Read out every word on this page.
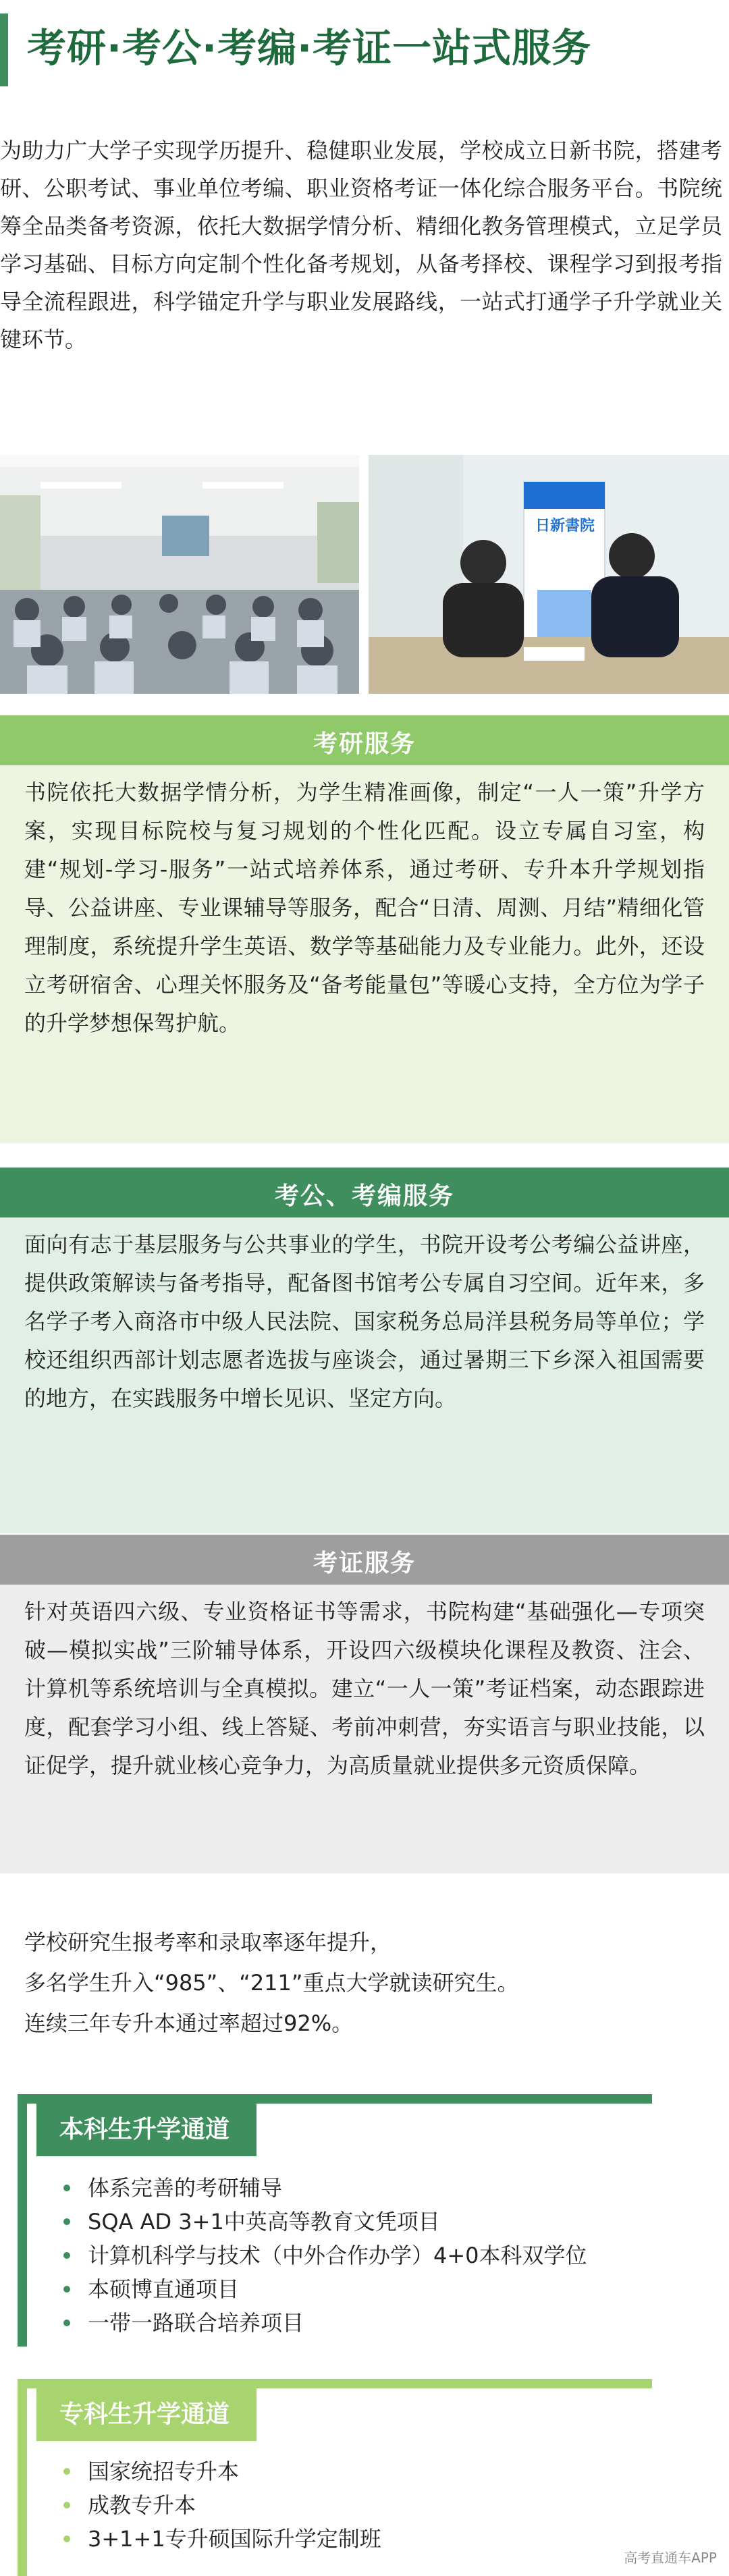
考研·考公·考编·考证一站式服务

为助力广大学子实现学历提升、稳健职业发展，学校成立日新书院，搭建考研、公职考试、事业单位考编、职业资格考证一体化综合服务平台。书院统筹全品类备考资源，依托大数据学情分析、精细化教务管理模式，立足学员学习基础、目标方向定制个性化备考规划，从备考择校、课程学习到报考指导全流程跟进，科学锚定升学与职业发展路线，一站式打通学子升学就业关键环节。

日新書院
考研服务

书院依托大数据学情分析，为学生精准画像，制定“一人一策”升学方案，实现目标院校与复习规划的个性化匹配。设立专属自习室，构建“规划-学习-服务”一站式培养体系，通过考研、专升本升学规划指导、公益讲座、专业课辅导等服务，配合“日清、周测、月结”精细化管理制度，系统提升学生英语、数学等基础能力及专业能力。此外，还设立考研宿舍、心理关怀服务及“备考能量包”等暖心支持，全方位为学子的升学梦想保驾护航。

考公、考编服务

面向有志于基层服务与公共事业的学生，书院开设考公考编公益讲座，提供政策解读与备考指导，配备图书馆考公专属自习空间。近年来，多名学子考入商洛市中级人民法院、国家税务总局洋县税务局等单位；学校还组织西部计划志愿者选拔与座谈会，通过暑期三下乡深入祖国需要的地方，在实践服务中增长见识、坚定方向。

考证服务

针对英语四六级、专业资格证书等需求，书院构建“基础强化—专项突破—模拟实战”三阶辅导体系，开设四六级模块化课程及教资、注会、计算机等系统培训与全真模拟。建立“一人一策”考证档案，动态跟踪进度，配套学习小组、线上答疑、考前冲刺营，夯实语言与职业技能，以证促学，提升就业核心竞争力，为高质量就业提供多元资质保障。

学校研究生报考率和录取率逐年提升，

多名学生升入“985”、“211”重点大学就读研究生。

连续三年专升本通过率超过92%。

本科生升学通道
体系完善的考研辅导
SQA AD 3+1中英高等教育文凭项目
计算机科学与技术（中外合作办学）4+0本科双学位
本硕博直通项目
一带一路联合培养项目
专科生升学通道
国家统招专升本
成教专升本
3+1+1专升硕国际升学定制班
高考直通车APP
